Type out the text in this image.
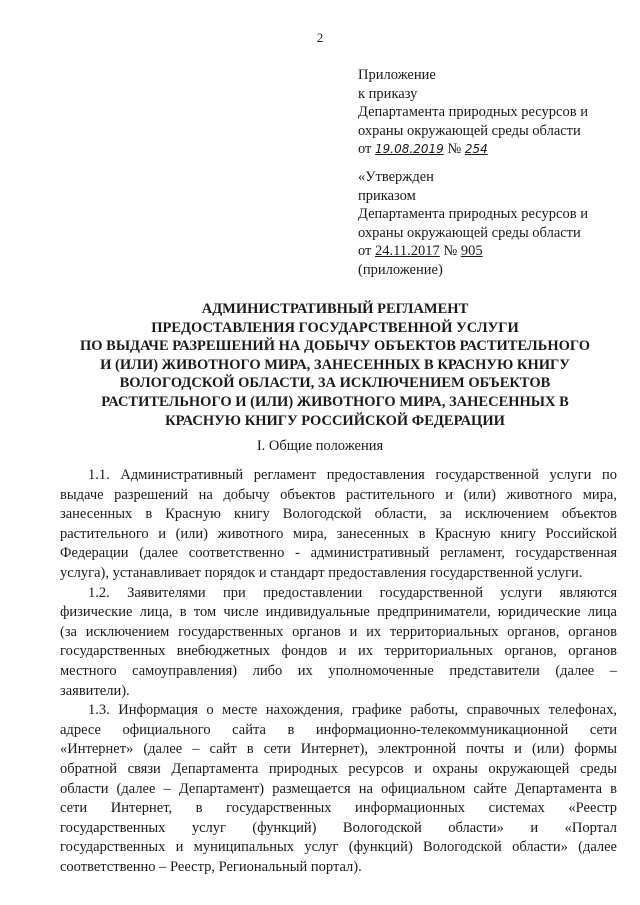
2
Приложение
к приказу
Департамента природных ресурсов и
охраны окружающей среды области
от 19.08.2019 № 254
«Утвержден
приказом
Департамента природных ресурсов и
охраны окружающей среды области
от 24.11.2017 № 905
(приложение)
АДМИНИСТРАТИВНЫЙ РЕГЛАМЕНТ
ПРЕДОСТАВЛЕНИЯ ГОСУДАРСТВЕННОЙ УСЛУГИ
ПО ВЫДАЧЕ РАЗРЕШЕНИЙ НА ДОБЫЧУ ОБЪЕКТОВ РАСТИТЕЛЬНОГО
И (ИЛИ) ЖИВОТНОГО МИРА, ЗАНЕСЕННЫХ В КРАСНУЮ КНИГУ
ВОЛОГОДСКОЙ ОБЛАСТИ, ЗА ИСКЛЮЧЕНИЕМ ОБЪЕКТОВ
РАСТИТЕЛЬНОГО И (ИЛИ) ЖИВОТНОГО МИРА, ЗАНЕСЕННЫХ В
КРАСНУЮ КНИГУ РОССИЙСКОЙ ФЕДЕРАЦИИ
I. Общие положения
1.1. Административный регламент предоставления государственной услуги по
выдаче разрешений на добычу объектов растительного и (или) животного мира,
занесенных в Красную книгу Вологодской области, за исключением объектов
растительного и (или) животного мира, занесенных в Красную книгу Российской
Федерации (далее соответственно - административный регламент, государственная
услуга), устанавливает порядок и стандарт предоставления государственной услуги.
1.2. Заявителями при предоставлении государственной услуги являются
физические лица, в том числе индивидуальные предприниматели, юридические лица
(за исключением государственных органов и их территориальных органов, органов
государственных внебюджетных фондов и их территориальных органов, органов
местного самоуправления) либо их уполномоченные представители (далее –
заявители).
1.3. Информация о месте нахождения, графике работы, справочных телефонах,
адресе официального сайта в информационно-телекоммуникационной сети
«Интернет» (далее – сайт в сети Интернет), электронной почты и (или) формы
обратной связи Департамента природных ресурсов и охраны окружающей среды
области (далее – Департамент) размещается на официальном сайте Департамента в
сети Интернет, в государственных информационных системах «Реестр
государственных услуг (функций) Вологодской области» и «Портал
государственных и муниципальных услуг (функций) Вологодской области» (далее
соответственно – Реестр, Региональный портал).
